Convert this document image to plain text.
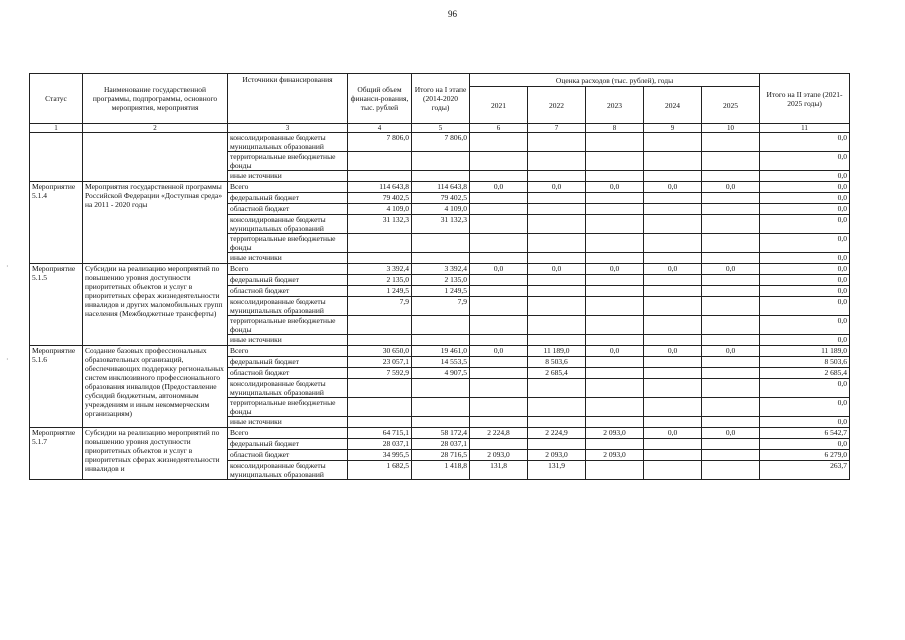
96
Статус	Наименование государственной программы, подпрограммы, основного мероприятия, мероприятия	Источники финансирования	Общий объем финанси-рования, тыс. рублей	Итого на I этапе (2014-2020 годы)	Оценка расходов (тыс. рублей), годы					Итого на II этапе (2021-2025 годы)
					2021	2022	2023	2024	2025	
1	2	3	4	5	6	7	8	9	10	11
		консолидированные бюджеты муниципальных образований	7 806,0	7 806,0						0,0
		территориальные внебюджетные фонды								0,0
		иные источники								0,0
Мероприятие 5.1.4	Мероприятия государственной программы Российской Федерации «Доступная среда» на 2011 - 2020 годы	Всего	114 643,8	114 643,8	0,0	0,0	0,0	0,0	0,0	0,0
		федеральный бюджет	79 402,5	79 402,5						0,0
		областной бюджет	4 109,0	4 109,0						0,0
		консолидированные бюджеты муниципальных образований	31 132,3	31 132,3						0,0
		территориальные внебюджетные фонды								0,0
		иные источники								0,0
Мероприятие 5.1.5	Субсидии на реализацию мероприятий по повышению уровня доступности приоритетных объектов и услуг в приоритетных сферах жизнедеятельности инвалидов и других маломобильных групп населения (Межбюджетные трансферты)	Всего	3 392,4	3 392,4	0,0	0,0	0,0	0,0	0,0	0,0
		федеральный бюджет	2 135,0	2 135,0						0,0
		областной бюджет	1 249,5	1 249,5						0,0
		консолидированные бюджеты муниципальных образований	7,9	7,9						0,0
		территориальные внебюджетные фонды								0,0
		иные источники								0,0
Мероприятие 5.1.6	Создание базовых профессиональных образовательных организаций, обеспечивающих поддержку региональных систем инклюзивного профессионального образования инвалидов (Предоставление субсидий бюджетным, автономным учреждениям и иным некоммерческим организациям)	Всего	30 650,0	19 461,0	0,0	11 189,0	0,0	0,0	0,0	11 189,0
		федеральный бюджет	23 057,1	14 553,5		8 503,6				8 503,6
		областной бюджет	7 592,9	4 907,5		2 685,4				2 685,4
		консолидированные бюджеты муниципальных образований								0,0
		территориальные внебюджетные фонды								0,0
		иные источники								0,0
Мероприятие 5.1.7	Субсидии на реализацию мероприятий по повышению уровня доступности приоритетных объектов и услуг в приоритетных сферах жизнедеятельности инвалидов и	Всего	64 715,1	58 172,4	2 224,8	2 224,9	2 093,0	0,0	0,0	6 542,7
		федеральный бюджет	28 037,1	28 037,1						0,0
		областной бюджет	34 995,5	28 716,5	2 093,0	2 093,0	2 093,0			6 279,0
		консолидированные бюджеты муниципальных образований	1 682,5	1 418,8	131,8	131,9				263,7
·
·
